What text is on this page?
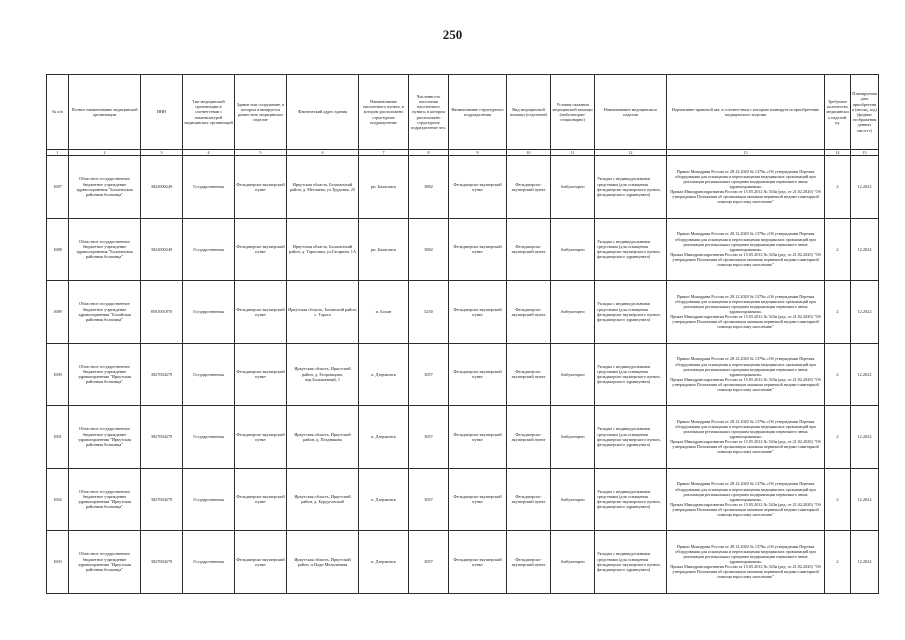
250
№ п/п	Полное наименование медицинской организации	ИНН	Тип медицинской организации в соответствии с номенклатурой медицинских организаций	Здание или сооружение, в котором планируется разместить медицинское изделие	Фактический адрес здания	Наименование населенного пункта, в котором расположено структурное подразделение	Численность населения населенного пункта, в котором расположено структурное подразделение чел.	Наименование структурного подразделения	Вид медицинской помощи (отделение)	Условия оказания медицинской помощи (амбулаторно/стационарно)	Наименование медицинского изделия	Нормативно-правовой акт, в соответствии с которым планируется приобретение медицинского изделия	Требуемое количество медицинских изделий, ед.	Планируемая дата приобретения (месяц, год) (формат отображения данных мм.гггг)
1	2	3	4	5	6	7	8	9	10	11	12	13	14	15
1687	Областное государственное бюджетное учреждение здравоохранения "Балаганская районная больница"	3822000249	Государственная	Фельдшерско-акушерский пункт	Иркутская область, Балаганский район, д. Метляева, ул.Трудовая, 25	рп. Балаганск	3882	Фельдшерско-акушерский пункт	Фельдшерско-акушерский пункт	Амбулаторно	Укладка с индивидуальными средствами (для оснащения фельдшерско-акушерского пункта, фельдшерского здравпункта)	Приказ Минздрава России от 28.12.2020 № 1379н «Об утверждении Перечня оборудования для оснащения и переоснащения медицинских организаций при реализации региональных программ модернизации первичного звена здравоохранения»
Приказ Минздравсоцразвития России от 15.05.2012 № 543н (ред. от 21.02.2020) "Об утверждении Положения об организации оказания первичной медико-санитарной помощи взрослому населению"	2	12.2022
1688	Областное государственное бюджетное учреждение здравоохранения "Балаганская районная больница"	3822000249	Государственная	Фельдшерско-акушерский пункт	Иркутская область, Балаганский район, д. Тарасовка, ул.Гагарина, 1А	рп. Балаганск	3882	Фельдшерско-акушерский пункт	Фельдшерско-акушерский пункт	Амбулаторно	Укладка с индивидуальными средствами (для оснащения фельдшерско-акушерского пункта, фельдшерского здравпункта)	Приказ Минздрава России от 28.12.2020 № 1379н «Об утверждении Перечня оборудования для оснащения и переоснащения медицинских организаций при реализации региональных программ модернизации первичного звена здравоохранения»
Приказ Минздравсоцразвития России от 15.05.2012 № 543н (ред. от 21.02.2020) "Об утверждении Положения об организации оказания первичной медико-санитарной помощи взрослому населению"	2	12.2022
1689	Областное государственное бюджетное учреждение здравоохранения "Бохайская районная больница"	8501001870	Государственная	Фельдшерско-акушерский пункт	Иркутская область, Боханский район, с. Тараса	п. Бохан	5230	Фельдшерско-акушерский пункт	Фельдшерско-акушерский пункт	Амбулаторно	Укладка с индивидуальными средствами (для оснащения фельдшерско-акушерского пункта, фельдшерского здравпункта)	Приказ Минздрава России от 28.12.2020 № 1379н «Об утверждении Перечня оборудования для оснащения и переоснащения медицинских организаций при реализации региональных программ модернизации первичного звена здравоохранения»
Приказ Минздравсоцразвития России от 15.05.2012 № 543н (ред. от 21.02.2020) "Об утверждении Положения об организации оказания первичной медико-санитарной помощи взрослому населению"	2	12.2022
1690	Областное государственное бюджетное учреждение здравоохранения "Иркутская районная больница"	3827004279	Государственная	Фельдшерско-акушерский пункт	Иркутская область, Иркутский район, д. Егоровщина, пер.Большачный, 1	п. Дзержинск	3057	Фельдшерско-акушерский пункт	Фельдшерско-акушерский пункт	Амбулаторно	Укладка с индивидуальными средствами (для оснащения фельдшерско-акушерского пункта, фельдшерского здравпункта)	Приказ Минздрава России от 28.12.2020 № 1379н «Об утверждении Перечня оборудования для оснащения и переоснащения медицинских организаций при реализации региональных программ модернизации первичного звена здравоохранения»
Приказ Минздравсоцразвития России от 15.05.2012 № 543н (ред. от 21.02.2020) "Об утверждении Положения об организации оказания первичной медико-санитарной помощи взрослому населению"	2	12.2022
1691	Областное государственное бюджетное учреждение здравоохранения "Иркутская районная больница"	3827004279	Государственная	Фельдшерско-акушерский пункт	Иркутская область, Иркутский район, д. Позднякова	п. Дзержинск	3057	Фельдшерско-акушерский пункт	Фельдшерско-акушерский пункт	Амбулаторно	Укладка с индивидуальными средствами (для оснащения фельдшерско-акушерского пункта, фельдшерского здравпункта)	Приказ Минздрава России от 28.12.2020 № 1379н «Об утверждении Перечня оборудования для оснащения и переоснащения медицинских организаций при реализации региональных программ модернизации первичного звена здравоохранения»
Приказ Минздравсоцразвития России от 15.05.2012 № 543н (ред. от 21.02.2020) "Об утверждении Положения об организации оказания первичной медико-санитарной помощи взрослому населению"	2	12.2022
1692	Областное государственное бюджетное учреждение здравоохранения "Иркутская районная больница"	3827004279	Государственная	Фельдшерско-акушерский пункт	Иркутская область, Иркутский район, д. Бурдуговский	п. Дзержинск	3057	Фельдшерско-акушерский пункт	Фельдшерско-акушерский пункт	Амбулаторно	Укладка с индивидуальными средствами (для оснащения фельдшерско-акушерского пункта, фельдшерского здравпункта)	Приказ Минздрава России от 28.12.2020 № 1379н «Об утверждении Перечня оборудования для оснащения и переоснащения медицинских организаций при реализации региональных программ модернизации первичного звена здравоохранения»
Приказ Минздравсоцразвития России от 15.05.2012 № 543н (ред. от 21.02.2020) "Об утверждении Положения об организации оказания первичной медико-санитарной помощи взрослому населению"	2	12.2022
1693	Областное государственное бюджетное учреждение здравоохранения "Иркутская районная больница"	3827004279	Государственная	Фельдшерско-акушерский пункт	Иркутская область, Иркутский район, п.Пади Мельничная	п. Дзержинск	3057	Фельдшерско-акушерский пункт	Фельдшерско-акушерский пункт	Амбулаторно	Укладка с индивидуальными средствами (для оснащения фельдшерско-акушерского пункта, фельдшерского здравпункта)	Приказ Минздрава России от 28.12.2020 № 1379н «Об утверждении Перечня оборудования для оснащения и переоснащения медицинских организаций при реализации региональных программ модернизации первичного звена здравоохранения»
Приказ Минздравсоцразвития России от 15.05.2012 № 543н (ред. от 21.02.2020) "Об утверждении Положения об организации оказания первичной медико-санитарной помощи взрослому населению"	2	12.2022
